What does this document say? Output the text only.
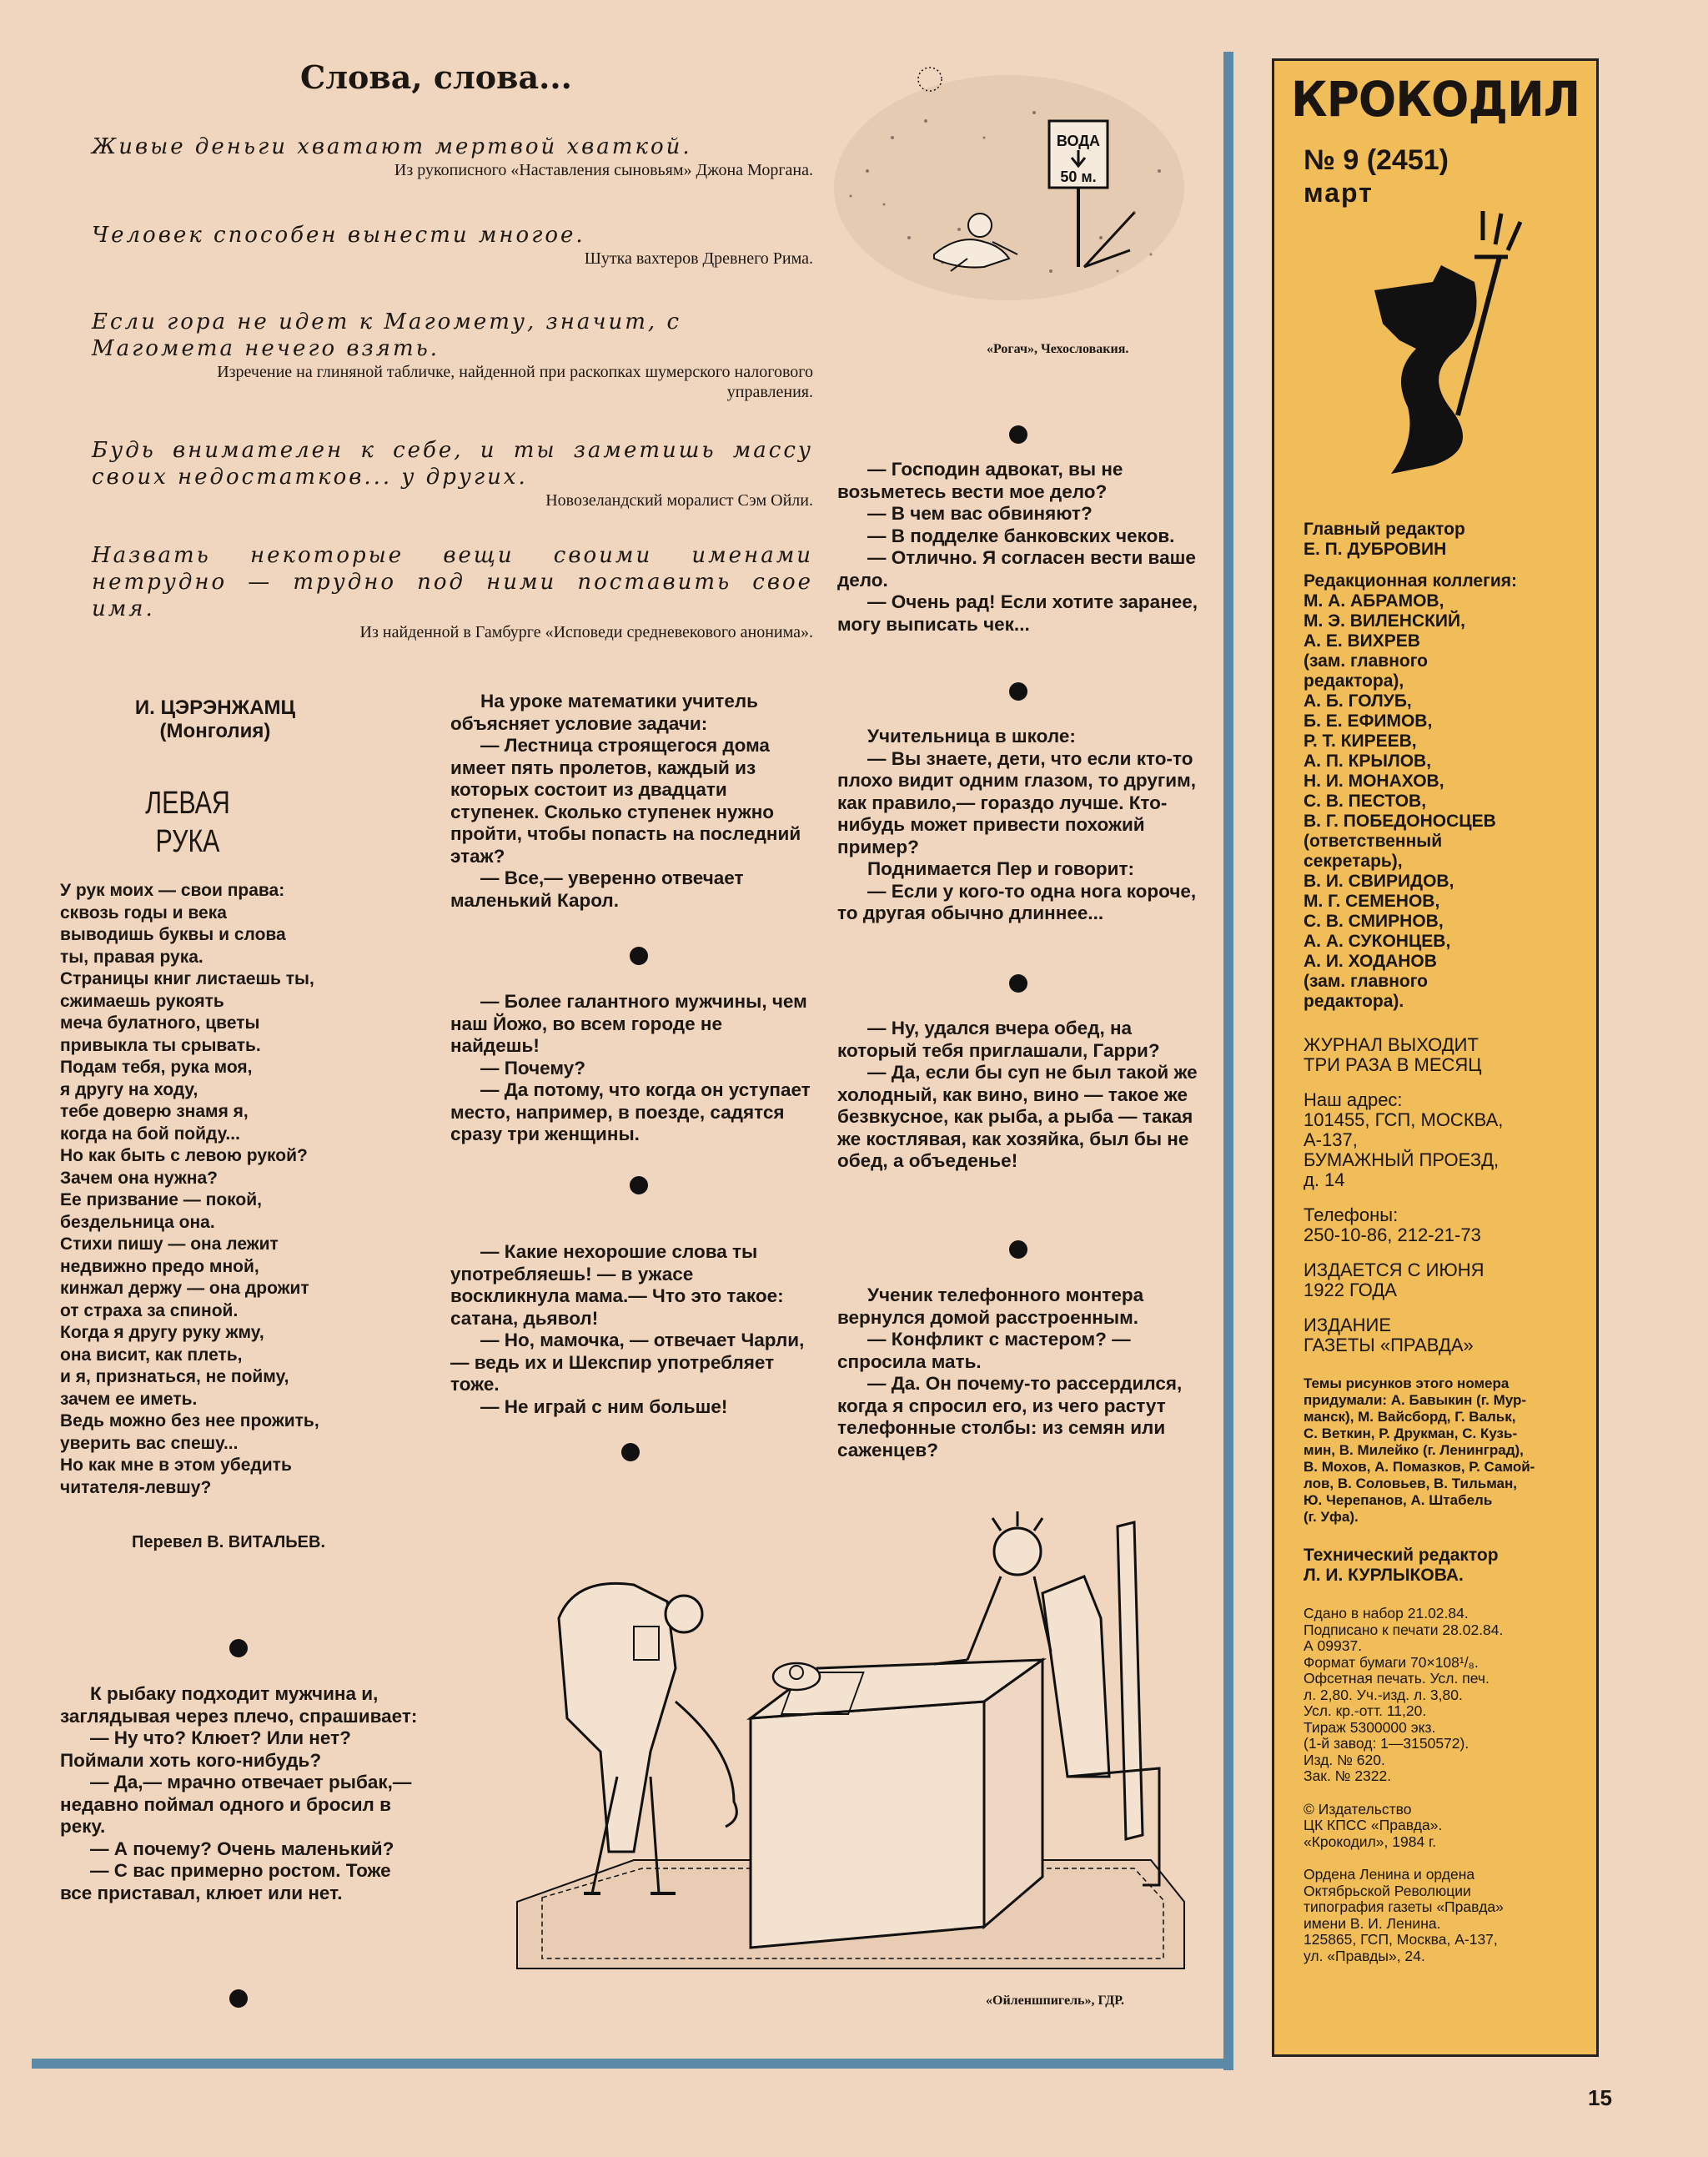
Слова, слова...
Живые деньги хватают мертвой хваткой.
Из рукописного «Наставления сыновьям» Джона Моргана.
Человек способен вынести многое.
Шутка вахтеров Древнего Рима.
Если гора не идет к Магомету, значит, с Магомета нечего взять.
Изречение на глиняной табличке, найденной при раскопках шумерского налогового управления.
Будь внимателен к себе, и ты заметишь массу своих недостатков... у других.
Новозеландский моралист Сэм Ойли.
Назвать некоторые вещи своими именами нетрудно — трудно под ними поставить свое имя.
Из найденной в Гамбурге «Исповеди средневекового анонима».
ВОДА
50 м.
«Рогач», Чехословакия.
И. ЦЭРЭНЖАМЦ
(Монголия)
ЛЕВАЯ
РУКА
У рук моих — свои права:
сквозь годы и века
выводишь буквы и слова
ты, правая рука.
Страницы книг листаешь ты,
сжимаешь рукоять
меча булатного, цветы
привыкла ты срывать.
Подам тебя, рука моя,
я другу на ходу,
тебе доверю знамя я,
когда на бой пойду...
Но как быть с левою рукой?
Зачем она нужна?
Ее призвание — покой,
бездельница она.
Стихи пишу — она лежит
недвижно предо мной,
кинжал держу — она дрожит
от страха за спиной.
Когда я другу руку жму,
она висит, как плеть,
и я, признаться, не пойму,
зачем ее иметь.
Ведь можно без нее прожить,
уверить вас спешу...
Но как мне в этом убедить
читателя-левшу?
Перевел В. ВИТАЛЬЕВ.

К рыбаку подходит мужчина и, заглядывая через плечо, спрашивает:

— Ну что? Клюет? Или нет? Поймали хоть кого-нибудь?

— Да,— мрачно отвечает рыбак,— недавно поймал одного и бросил в реку.

— А почему? Очень маленький?

— С вас примерно ростом. Тоже все приставал, клюет или нет.

На уроке математики учитель объясняет условие задачи:

— Лестница строящегося дома имеет пять пролетов, каждый из которых состоит из двадцати ступенек. Сколько ступенек нужно пройти, чтобы попасть на последний этаж?

— Все,— уверенно отвечает маленький Карол.

— Более галантного мужчины, чем наш Йожо, во всем городе не найдешь!

— Почему?

— Да потому, что когда он уступает место, например, в поезде, садятся сразу три женщины.

— Какие нехорошие слова ты употребляешь! — в ужасе воскликнула мама.— Что это такое: сатана, дьявол!

— Но, мамочка, — отвечает Чарли,— ведь их и Шекспир употребляет тоже.

— Не играй с ним больше!

— Господин адвокат, вы не возьметесь вести мое дело?

— В чем вас обвиняют?

— В подделке банковских чеков.

— Отлично. Я согласен вести ваше дело.

— Очень рад! Если хотите заранее, могу выписать чек...

Учительница в школе:

— Вы знаете, дети, что если кто-то плохо видит одним глазом, то другим, как правило,— гораздо лучше. Кто-нибудь может привести похожий пример?

Поднимается Пер и говорит:

— Если у кого-то одна нога короче, то другая обычно длиннее...

— Ну, удался вчера обед, на который тебя приглашали, Гарри?

— Да, если бы суп не был такой же холодный, как вино, вино — такое же безвкусное, как рыба, а рыба — такая же костлявая, как хозяйка, был бы не обед, а объеденье!

Ученик телефонного монтера вернулся домой расстроенным.

— Конфликт с мастером? — спросила мать.

— Да. Он почему-то рассердился, когда я спросил его, из чего растут телефонные столбы: из семян или саженцев?

«Ойленшпигель», ГДР.
КРОКОДИЛ
№ 9 (2451)
март
Главный редактор
Е. П. ДУБРОВИН
Редакционная коллегия:
М. А. АБРАМОВ,
М. Э. ВИЛЕНСКИЙ,
А. Е. ВИХРЕВ
(зам. главного
редактора),
А. Б. ГОЛУБ,
Б. Е. ЕФИМОВ,
Р. Т. КИРЕЕВ,
А. П. КРЫЛОВ,
Н. И. МОНАХОВ,
С. В. ПЕСТОВ,
В. Г. ПОБЕДОНОСЦЕВ
(ответственный
секретарь),
В. И. СВИРИДОВ,
М. Г. СЕМЕНОВ,
С. В. СМИРНОВ,
А. А. СУКОНЦЕВ,
А. И. ХОДАНОВ
(зам. главного
редактора).
ЖУРНАЛ ВЫХОДИТ
ТРИ РАЗА В МЕСЯЦ
Наш адрес:
101455, ГСП, МОСКВА,
А-137,
БУМАЖНЫЙ ПРОЕЗД,
д. 14
Телефоны:
250-10-86, 212-21-73
ИЗДАЕТСЯ С ИЮНЯ
1922 ГОДА
ИЗДАНИЕ
ГАЗЕТЫ «ПРАВДА»
Темы рисунков этого номера
придумали: А. Бавыкин (г. Мур-
манск), М. Вайсборд, Г. Вальк,
С. Веткин, Р. Друкман, С. Кузь-
мин, В. Милейко (г. Ленинград),
В. Мохов, А. Помазков, Р. Самой-
лов, В. Соловьев, В. Тильман,
Ю. Черепанов, А. Штабель
(г. Уфа).
Технический редактор
Л. И. КУРЛЫКОВА.
Сдано в набор 21.02.84.
Подписано к печати 28.02.84.
А 09937.
Формат бумаги 70×108¹/₈.
Офсетная печать. Усл. печ.
л. 2,80. Уч.-изд. л. 3,80.
Усл. кр.-отт. 11,20.
Тираж 5300000 экз.
(1-й завод: 1—3150572).
Изд. № 620.
Зак. № 2322.
© Издательство
ЦК КПСС «Правда».
«Крокодил», 1984 г.
Ордена Ленина и ордена
Октябрьской Революции
типография газеты «Правда»
имени В. И. Ленина.
125865, ГСП, Москва, А-137,
ул. «Правды», 24.
15
